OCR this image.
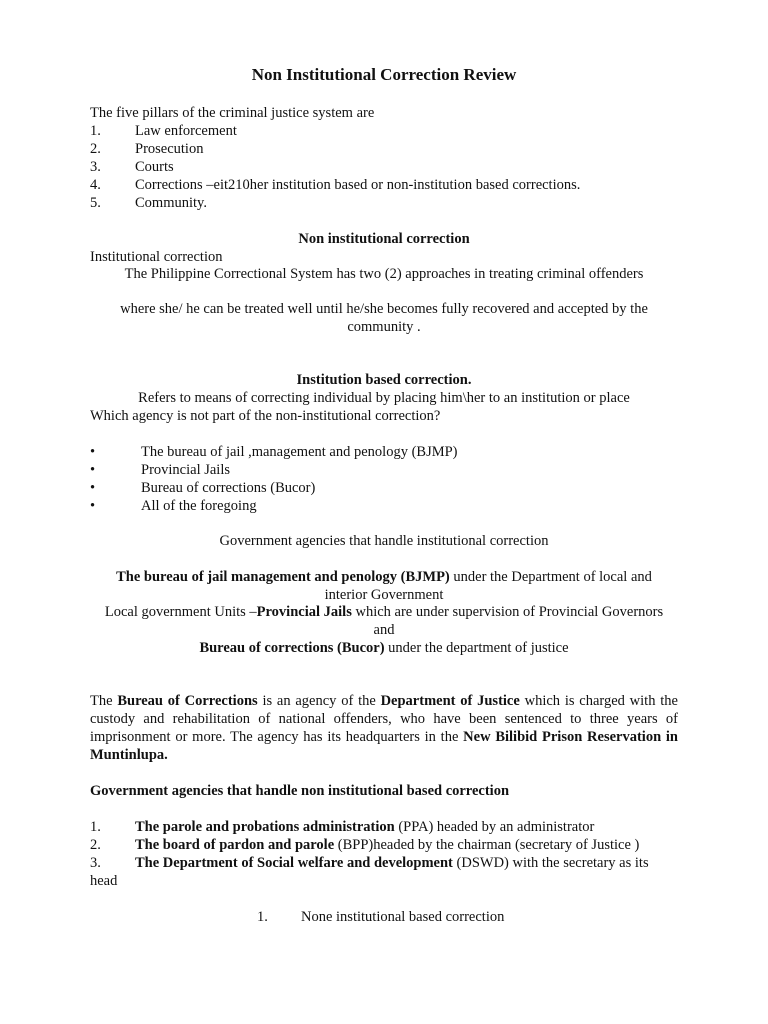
Non Institutional Correction Review
The five pillars of the criminal justice system are
1. Law enforcement
2. Prosecution
3. Courts
4. Corrections –eit210her institution based or non-institution based corrections.
5. Community.
Non institutional correction
Institutional correction
The Philippine Correctional System has two (2) approaches in treating criminal offenders
where she/ he can be treated well until he/she becomes fully recovered and accepted by the community .
Institution based correction.
Refers to means of correcting individual by placing him\her to an institution or place
Which agency is not part of the non-institutional correction?
•	The bureau of jail ,management and penology (BJMP)
•	Provincial Jails
•	Bureau of corrections (Bucor)
•	All of the foregoing
Government agencies that handle institutional correction
The bureau of jail management and penology (BJMP) under the Department of local and interior Government
Local government Units –Provincial Jails which are under supervision of Provincial Governors
and
Bureau of corrections (Bucor) under the department of justice
The Bureau of Corrections is an agency of the Department of Justice which is charged with the custody and rehabilitation of national offenders, who have been sentenced to three years of imprisonment or more. The agency has its headquarters in the New Bilibid Prison Reservation in Muntinlupa.
Government agencies that handle non institutional based correction
1. The parole and probations administration (PPA) headed by an administrator
2. The board of pardon and parole (BPP)headed by the chairman (secretary of Justice )
3.	The Department of Social welfare and development (DSWD) with the secretary as its head
1. None institutional based correction
